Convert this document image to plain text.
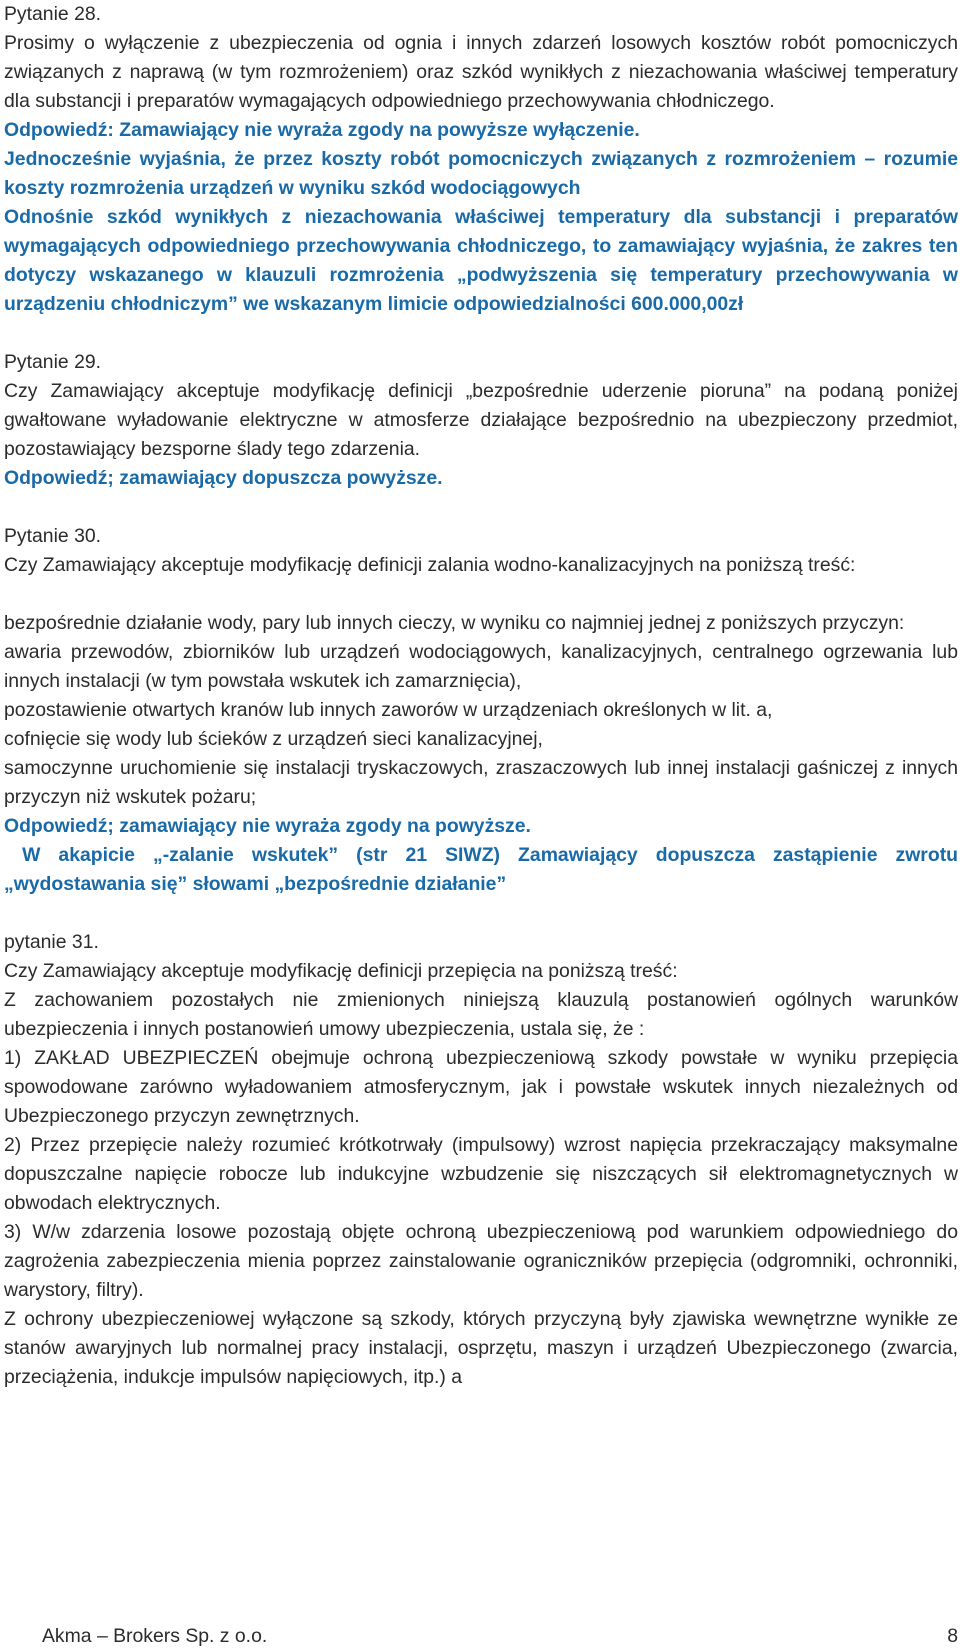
Pytanie 28.

Prosimy o wyłączenie z ubezpieczenia od ognia i innych zdarzeń losowych kosztów robót pomocniczych związanych z naprawą (w tym rozmrożeniem) oraz szkód wynikłych z niezachowania właściwej temperatury dla substancji i preparatów wymagających odpowiedniego przechowywania chłodniczego.

Odpowiedź: Zamawiający nie wyraża zgody na powyższe wyłączenie.

Jednocześnie wyjaśnia, że przez koszty robót pomocniczych związanych z rozmrożeniem – rozumie koszty rozmrożenia urządzeń w wyniku szkód wodociągowych

Odnośnie szkód wynikłych z niezachowania właściwej temperatury dla substancji i preparatów wymagających odpowiedniego przechowywania chłodniczego, to zamawiający wyjaśnia, że zakres ten dotyczy wskazanego w klauzuli rozmrożenia „podwyższenia się temperatury przechowywania w urządzeniu chłodniczym” we wskazanym limicie odpowiedzialności 600.000,00zł

Pytanie 29.

Czy Zamawiający akceptuje modyfikację definicji „bezpośrednie uderzenie pioruna” na podaną poniżej gwałtowane wyładowanie elektryczne w atmosferze działające bezpośrednio na ubezpieczony przedmiot, pozostawiający bezsporne ślady tego zdarzenia.

Odpowiedź; zamawiający dopuszcza powyższe.

Pytanie 30.

Czy Zamawiający akceptuje modyfikację definicji zalania wodno-kanalizacyjnych na poniższą treść:

bezpośrednie działanie wody, pary lub innych cieczy, w wyniku co najmniej jednej z poniższych przyczyn:

awaria przewodów, zbiorników lub urządzeń wodociągowych, kanalizacyjnych, centralnego ogrzewania lub innych instalacji (w tym powstała wskutek ich zamarznięcia),

pozostawienie otwartych kranów lub innych zaworów w urządzeniach określonych w lit. a,

cofnięcie się wody lub ścieków z urządzeń sieci kanalizacyjnej,

samoczynne uruchomienie się instalacji tryskaczowych, zraszaczowych lub innej instalacji gaśniczej z innych przyczyn niż wskutek pożaru;

Odpowiedź; zamawiający nie wyraża zgody na powyższe.

W akapicie „-zalanie wskutek” (str 21 SIWZ) Zamawiający dopuszcza zastąpienie zwrotu „wydostawania się” słowami „bezpośrednie działanie”

pytanie 31.

Czy Zamawiający akceptuje modyfikację definicji przepięcia na poniższą treść:

Z zachowaniem pozostałych nie zmienionych niniejszą klauzulą postanowień ogólnych warunków ubezpieczenia i innych postanowień umowy ubezpieczenia, ustala się, że :

1) ZAKŁAD UBEZPIECZEŃ obejmuje ochroną ubezpieczeniową szkody powstałe w wyniku przepięcia spowodowane zarówno wyładowaniem atmosferycznym, jak i powstałe wskutek innych niezależnych od Ubezpieczonego przyczyn zewnętrznych.

2) Przez przepięcie należy rozumieć krótkotrwały (impulsowy) wzrost napięcia przekraczający maksymalne dopuszczalne napięcie robocze lub indukcyjne wzbudzenie się niszczących sił elektromagnetycznych w obwodach elektrycznych.

3) W/w zdarzenia losowe pozostają objęte ochroną ubezpieczeniową pod warunkiem odpowiedniego do zagrożenia zabezpieczenia mienia poprzez zainstalowanie ograniczników przepięcia (odgromniki, ochronniki, warystory, filtry).

Z ochrony ubezpieczeniowej wyłączone są szkody, których przyczyną były zjawiska wewnętrzne wynikłe ze stanów awaryjnych lub normalnej pracy instalacji, osprzętu, maszyn i urządzeń Ubezpieczonego (zwarcia, przeciążenia, indukcje impulsów napięciowych, itp.) a

Akma – Brokers Sp. z o.o.	8
